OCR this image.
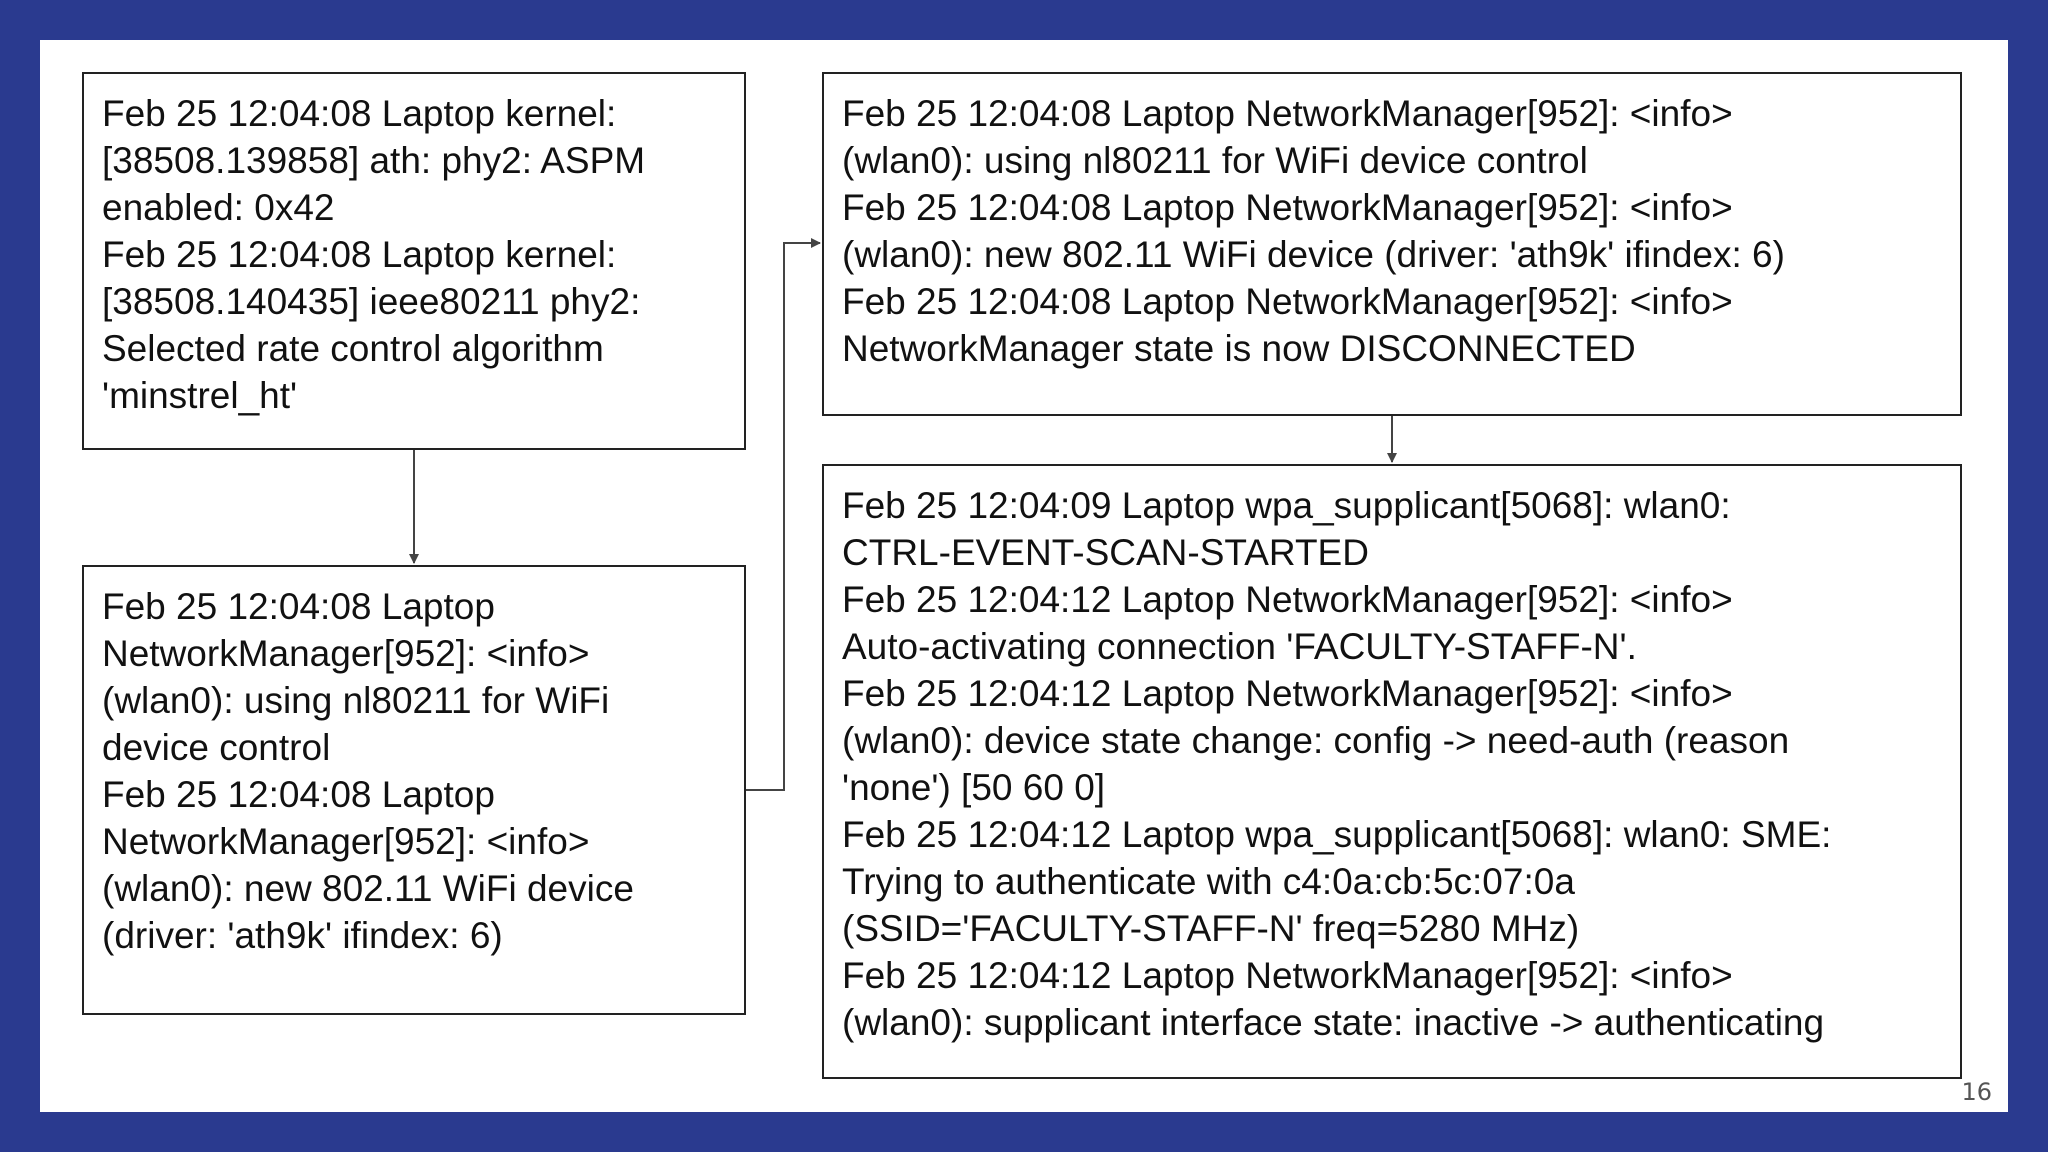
Feb 25 12:04:08 Laptop kernel:
[38508.139858] ath: phy2: ASPM
enabled: 0x42
Feb 25 12:04:08 Laptop kernel:
[38508.140435] ieee80211 phy2:
Selected rate control algorithm
'minstrel_ht'
Feb 25 12:04:08 Laptop
NetworkManager[952]: <info>
(wlan0): using nl80211 for WiFi
device control
Feb 25 12:04:08 Laptop
NetworkManager[952]: <info>
(wlan0): new 802.11 WiFi device
(driver: 'ath9k' ifindex: 6)
Feb 25 12:04:08 Laptop NetworkManager[952]: <info>
(wlan0): using nl80211 for WiFi device control
Feb 25 12:04:08 Laptop NetworkManager[952]: <info>
(wlan0): new 802.11 WiFi device (driver: 'ath9k' ifindex: 6)
Feb 25 12:04:08 Laptop NetworkManager[952]: <info>
NetworkManager state is now DISCONNECTED
Feb 25 12:04:09 Laptop wpa_supplicant[5068]: wlan0:
CTRL-EVENT-SCAN-STARTED
Feb 25 12:04:12 Laptop NetworkManager[952]: <info>
Auto-activating connection 'FACULTY-STAFF-N'.
Feb 25 12:04:12 Laptop NetworkManager[952]: <info>
(wlan0): device state change: config -> need-auth (reason
'none') [50 60 0]
Feb 25 12:04:12 Laptop wpa_supplicant[5068]: wlan0: SME:
Trying to authenticate with c4:0a:cb:5c:07:0a
(SSID='FACULTY-STAFF-N' freq=5280 MHz)
Feb 25 12:04:12 Laptop NetworkManager[952]: <info>
(wlan0): supplicant interface state: inactive -> authenticating
16
